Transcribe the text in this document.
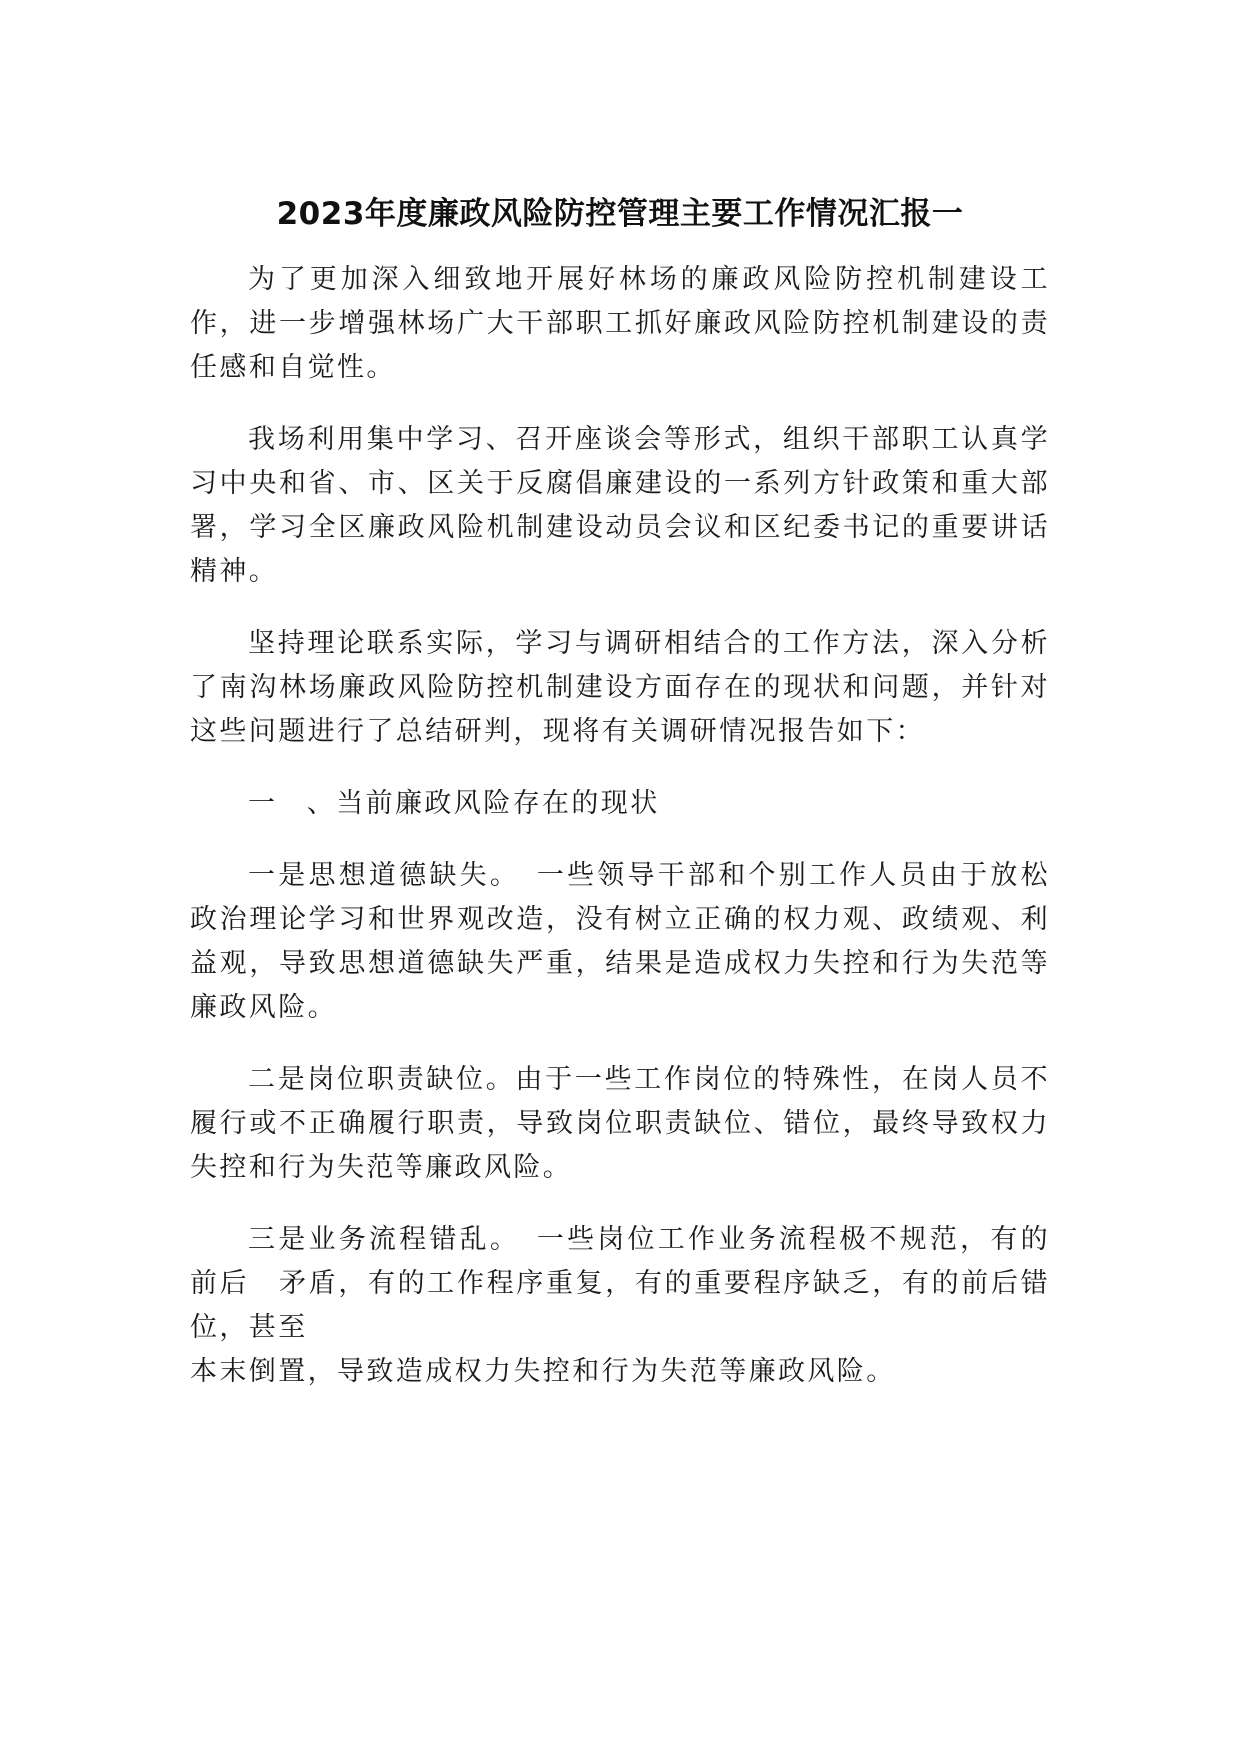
2023年度廉政风险防控管理主要工作情况汇报一

为了更加深入细致地开展好林场的廉政风险防控机制建设工作，进一步增强林场广大干部职工抓好廉政风险防控机制建设的责任感和自觉性。

我场利用集中学习、召开座谈会等形式，组织干部职工认真学习中央和省、市、区关于反腐倡廉建设的一系列方针政策和重大部署，学习全区廉政风险机制建设动员会议和区纪委书记的重要讲话精神。

坚持理论联系实际，学习与调研相结合的工作方法，深入分析了南沟林场廉政风险防控机制建设方面存在的现状和问题，并针对这些问题进行了总结研判，现将有关调研情况报告如下：

一　、当前廉政风险存在的现状

一是思想道德缺失。　一些领导干部和个别工作人员由于放松政治理论学习和世界观改造，没有树立正确的权力观、政绩观、利益观，导致思想道德缺失严重，结果是造成权力失控和行为失范等廉政风险。

二是岗位职责缺位。由于一些工作岗位的特殊性，在岗人员不履行或不正确履行职责，导致岗位职责缺位、错位，最终导致权力失控和行为失范等廉政风险。

三是业务流程错乱。　一些岗位工作业务流程极不规范，有的前后　矛盾，有的工作程序重复，有的重要程序缺乏，有的前后错位，甚至

本末倒置，导致造成权力失控和行为失范等廉政风险。
